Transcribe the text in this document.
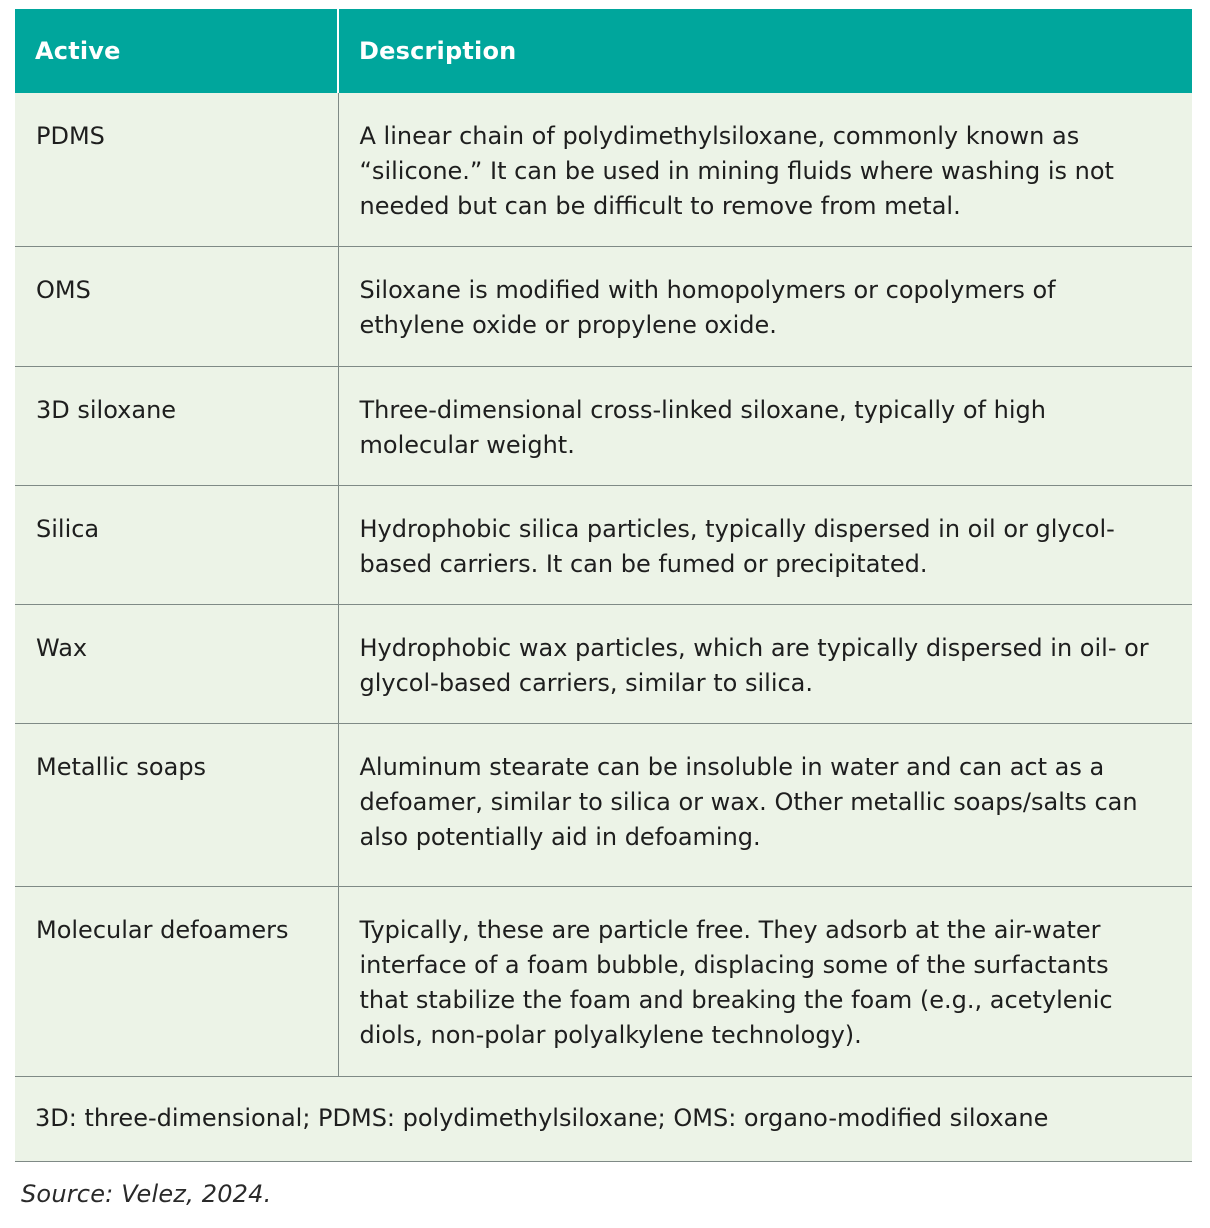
Active	Description
PDMS	A linear chain of polydimethylsiloxane, commonly known as “silicone.” It can be used in mining fluids where washing is not needed but can be difficult to remove from metal.
OMS	Siloxane is modified with homopolymers or copolymers of ethylene oxide or propylene oxide.
3D siloxane	Three-dimensional cross-linked siloxane, typically of high molecular weight.
Silica	Hydrophobic silica particles, typically dispersed in oil or glycol-based carriers. It can be fumed or precipitated.
Wax	Hydrophobic wax particles, which are typically dispersed in oil- or glycol-based carriers, similar to silica.
Metallic soaps	Aluminum stearate can be insoluble in water and can act as a defoamer, similar to silica or wax. Other metallic soaps/salts can also potentially aid in defoaming.
Molecular defoamers	Typically, these are particle free. They adsorb at the air-water interface of a foam bubble, displacing some of the surfactants that stabilize the foam and breaking the foam (e.g., acetylenic diols, non-polar polyalkylene technology).
3D: three-dimensional; PDMS: polydimethylsiloxane; OMS: organo-modified siloxane	
Source: Velez, 2024.
